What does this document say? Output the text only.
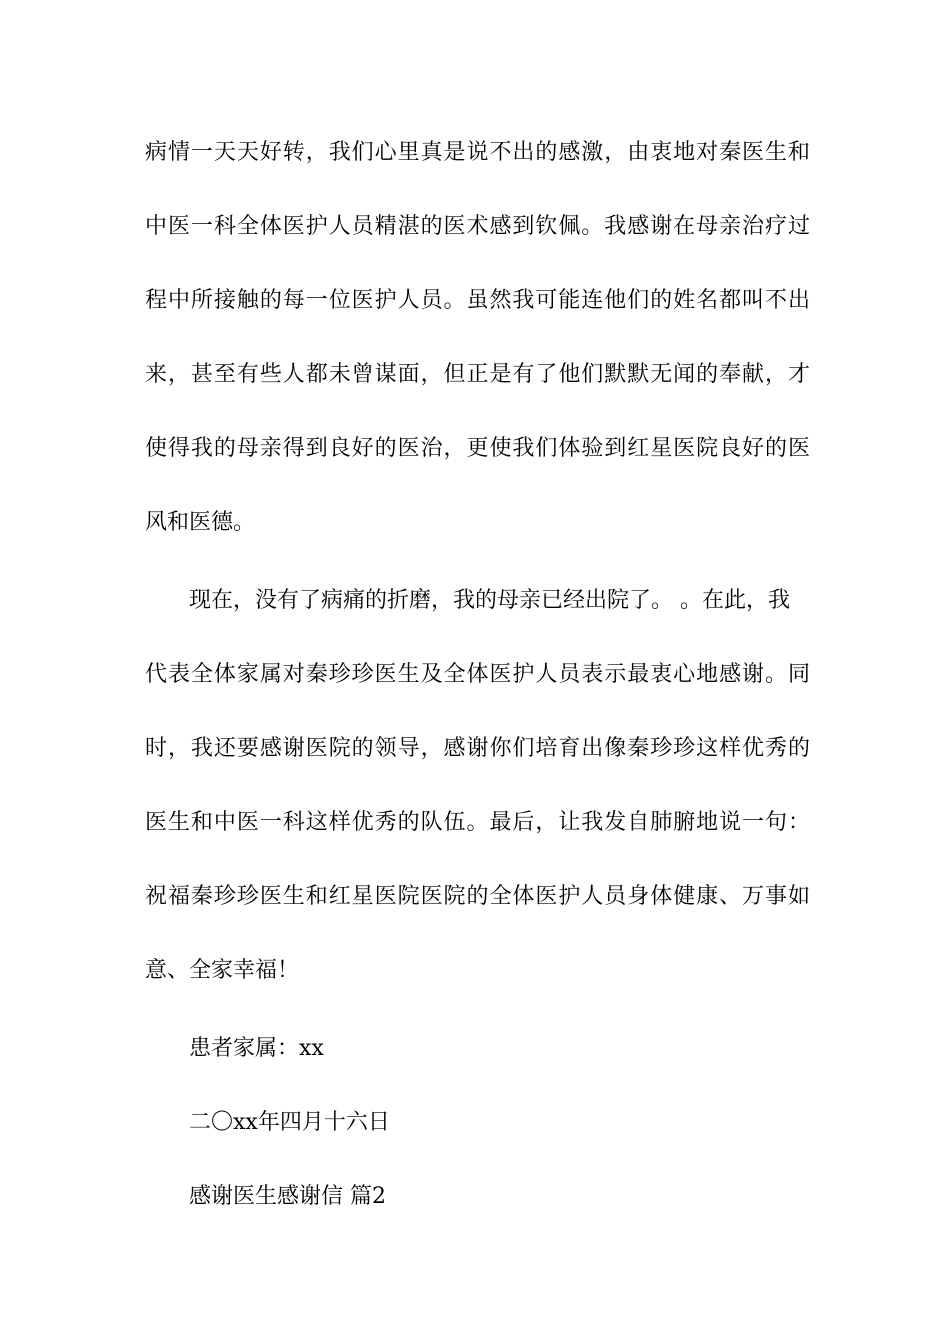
病情一天天好转，我们心里真是说不出的感激，由衷地对秦医生和
中医一科全体医护人员精湛的医术感到钦佩。我感谢在母亲治疗过
程中所接触的每一位医护人员。虽然我可能连他们的姓名都叫不出
来，甚至有些人都未曾谋面，但正是有了他们默默无闻的奉献，才
使得我的母亲得到良好的医治，更使我们体验到红星医院良好的医
风和医德。
现在，没有了病痛的折磨，我的母亲已经出院了。 。在此，我
代表全体家属对秦珍珍医生及全体医护人员表示最衷心地感谢。同
时，我还要感谢医院的领导，感谢你们培育出像秦珍珍这样优秀的
医生和中医一科这样优秀的队伍。最后，让我发自肺腑地说一句：
祝福秦珍珍医生和红星医院医院的全体医护人员身体健康、万事如
意、全家幸福！
患者家属：xx
二〇xx年四月十六日
感谢医生感谢信 篇2
